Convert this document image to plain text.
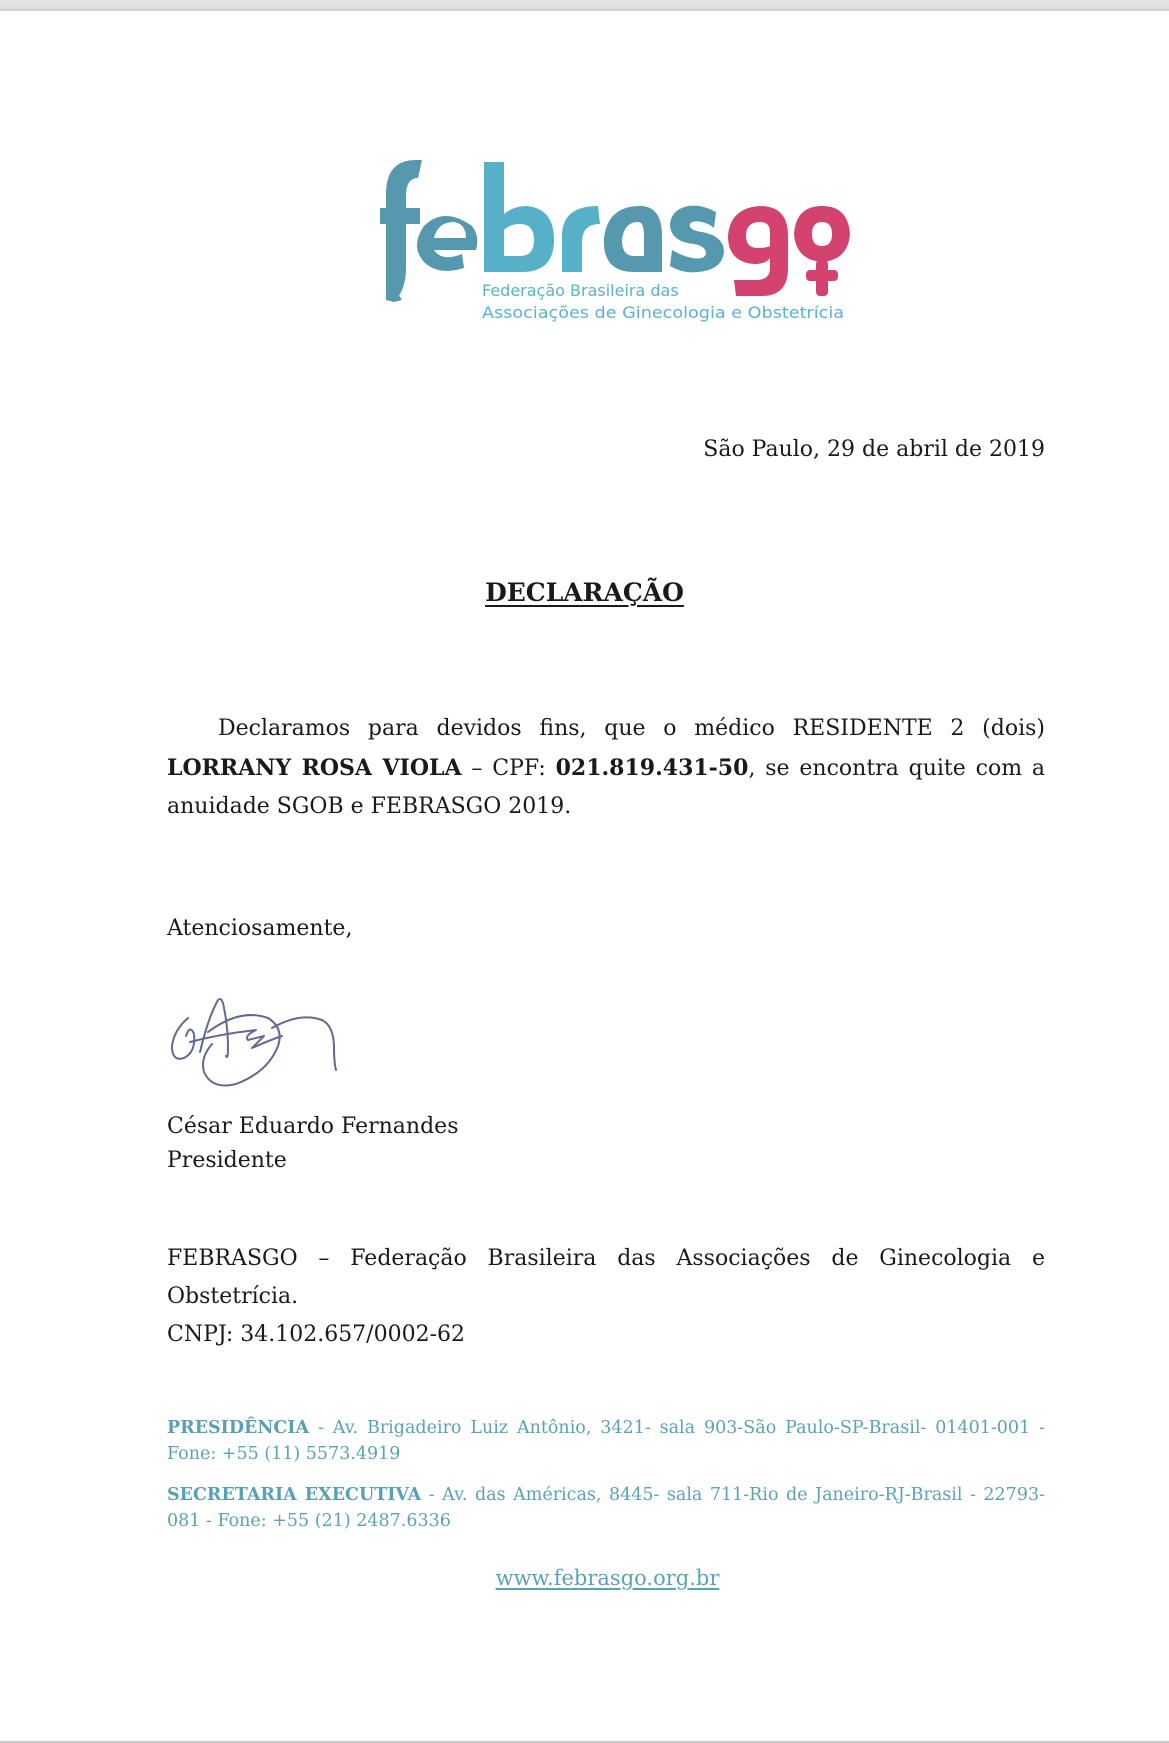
Federação Brasileira das
Associações de Ginecologia e Obstetrícia
São Paulo, 29 de abril de 2019
DECLARAÇÃO

Declaramos para devidos fins, que o médico RESIDENTE 2 (dois) LORRANY ROSA VIOLA – CPF: 021.819.431-50, se encontra quite com a anuidade SGOB e FEBRASGO 2019.

Atenciosamente,
César Eduardo Fernandes
Presidente
FEBRASGO – Federação Brasileira das Associações de Ginecologia e Obstetrícia.
CNPJ: 34.102.657/0002-62

PRESIDÊNCIA - Av. Brigadeiro Luiz Antônio, 3421- sala 903-São Paulo-SP-Brasil- 01401-001 - Fone: +55 (11) 5573.4919

SECRETARIA EXECUTIVA - Av. das Américas, 8445- sala 711-Rio de Janeiro-RJ-Brasil - 22793-081 - Fone: +55 (21) 2487.6336

www.febrasgo.org.br
